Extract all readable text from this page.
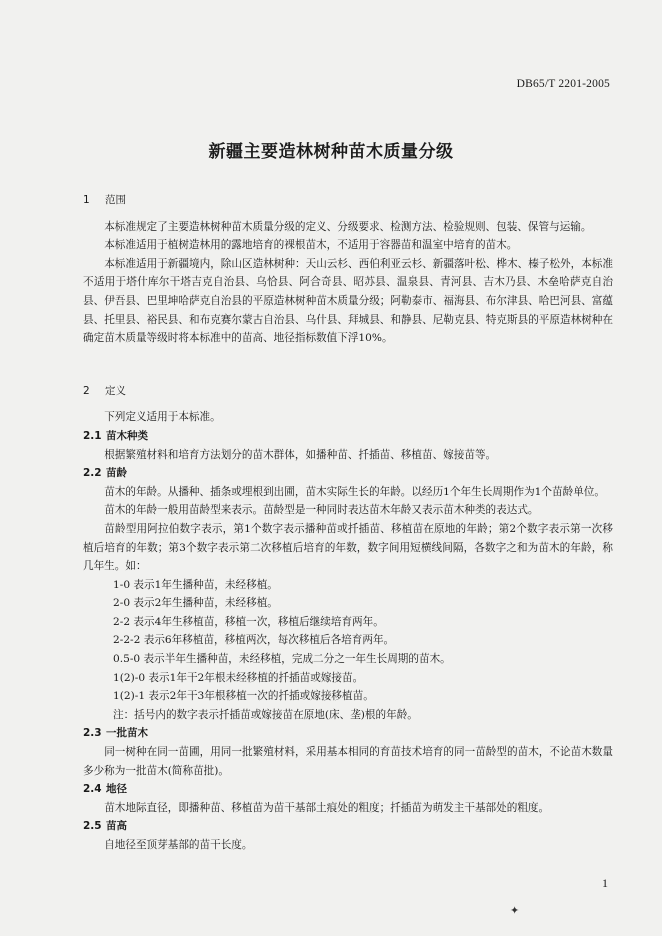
DB65/T 2201-2005
新疆主要造林树种苗木质量分级
1 范围

本标准规定了主要造林树种苗木质量分级的定义、分级要求、检测方法、检验规则、包装、保管与运输。

本标准适用于植树造林用的露地培育的裸根苗木，不适用于容器苗和温室中培育的苗木。

本标准适用于新疆境内，除山区造林树种：天山云杉、西伯利亚云杉、新疆落叶松、桦木、榛子松外，本标准不适用于塔什库尔干塔吉克自治县、乌恰县、阿合奇县、昭苏县、温泉县、青河县、吉木乃县、木垒哈萨克自治县、伊吾县、巴里坤哈萨克自治县的平原造林树种苗木质量分级；阿勒泰市、福海县、布尔津县、哈巴河县、富蕴县、托里县、裕民县、和布克赛尔蒙古自治县、乌什县、拜城县、和静县、尼勒克县、特克斯县的平原造林树种在确定苗木质量等级时将本标准中的苗高、地径指标数值下浮10%。

2 定义

下列定义适用于本标准。

2.1 苗木种类

根据繁殖材料和培育方法划分的苗木群体，如播种苗、扦插苗、移植苗、嫁接苗等。

2.2 苗龄

苗木的年龄。从播种、插条或埋根到出圃，苗木实际生长的年龄。以经历1个年生长周期作为1个苗龄单位。

苗木的年龄一般用苗龄型来表示。苗龄型是一种同时表达苗木年龄又表示苗木种类的表达式。

苗龄型用阿拉伯数字表示，第1个数字表示播种苗或扦插苗、移植苗在原地的年龄；第2个数字表示第一次移植后培育的年数；第3个数字表示第二次移植后培育的年数，数字间用短横线间隔，各数字之和为苗木的年龄，称几年生。如：

1-0 表示1年生播种苗，未经移植。

2-0 表示2年生播种苗，未经移植。

2-2 表示4年生移植苗，移植一次，移植后继续培育两年。

2-2-2 表示6年移植苗，移植两次，每次移植后各培育两年。

0.5-0 表示半年生播种苗，未经移植，完成二分之一年生长周期的苗木。

1(2)-0 表示1年干2年根未经移植的扦插苗或嫁接苗。

1(2)-1 表示2年干3年根移植一次的扦插或嫁接移植苗。

注：括号内的数字表示扦插苗或嫁接苗在原地(床、垄)根的年龄。

2.3 一批苗木

同一树种在同一苗圃，用同一批繁殖材料，采用基本相同的育苗技术培育的同一苗龄型的苗木，不论苗木数量多少称为一批苗木(简称苗批)。

2.4 地径

苗木地际直径，即播种苗、移植苗为苗干基部土痕处的粗度；扦插苗为萌发主干基部处的粗度。

2.5 苗高

自地径至顶芽基部的苗干长度。

1
✦
